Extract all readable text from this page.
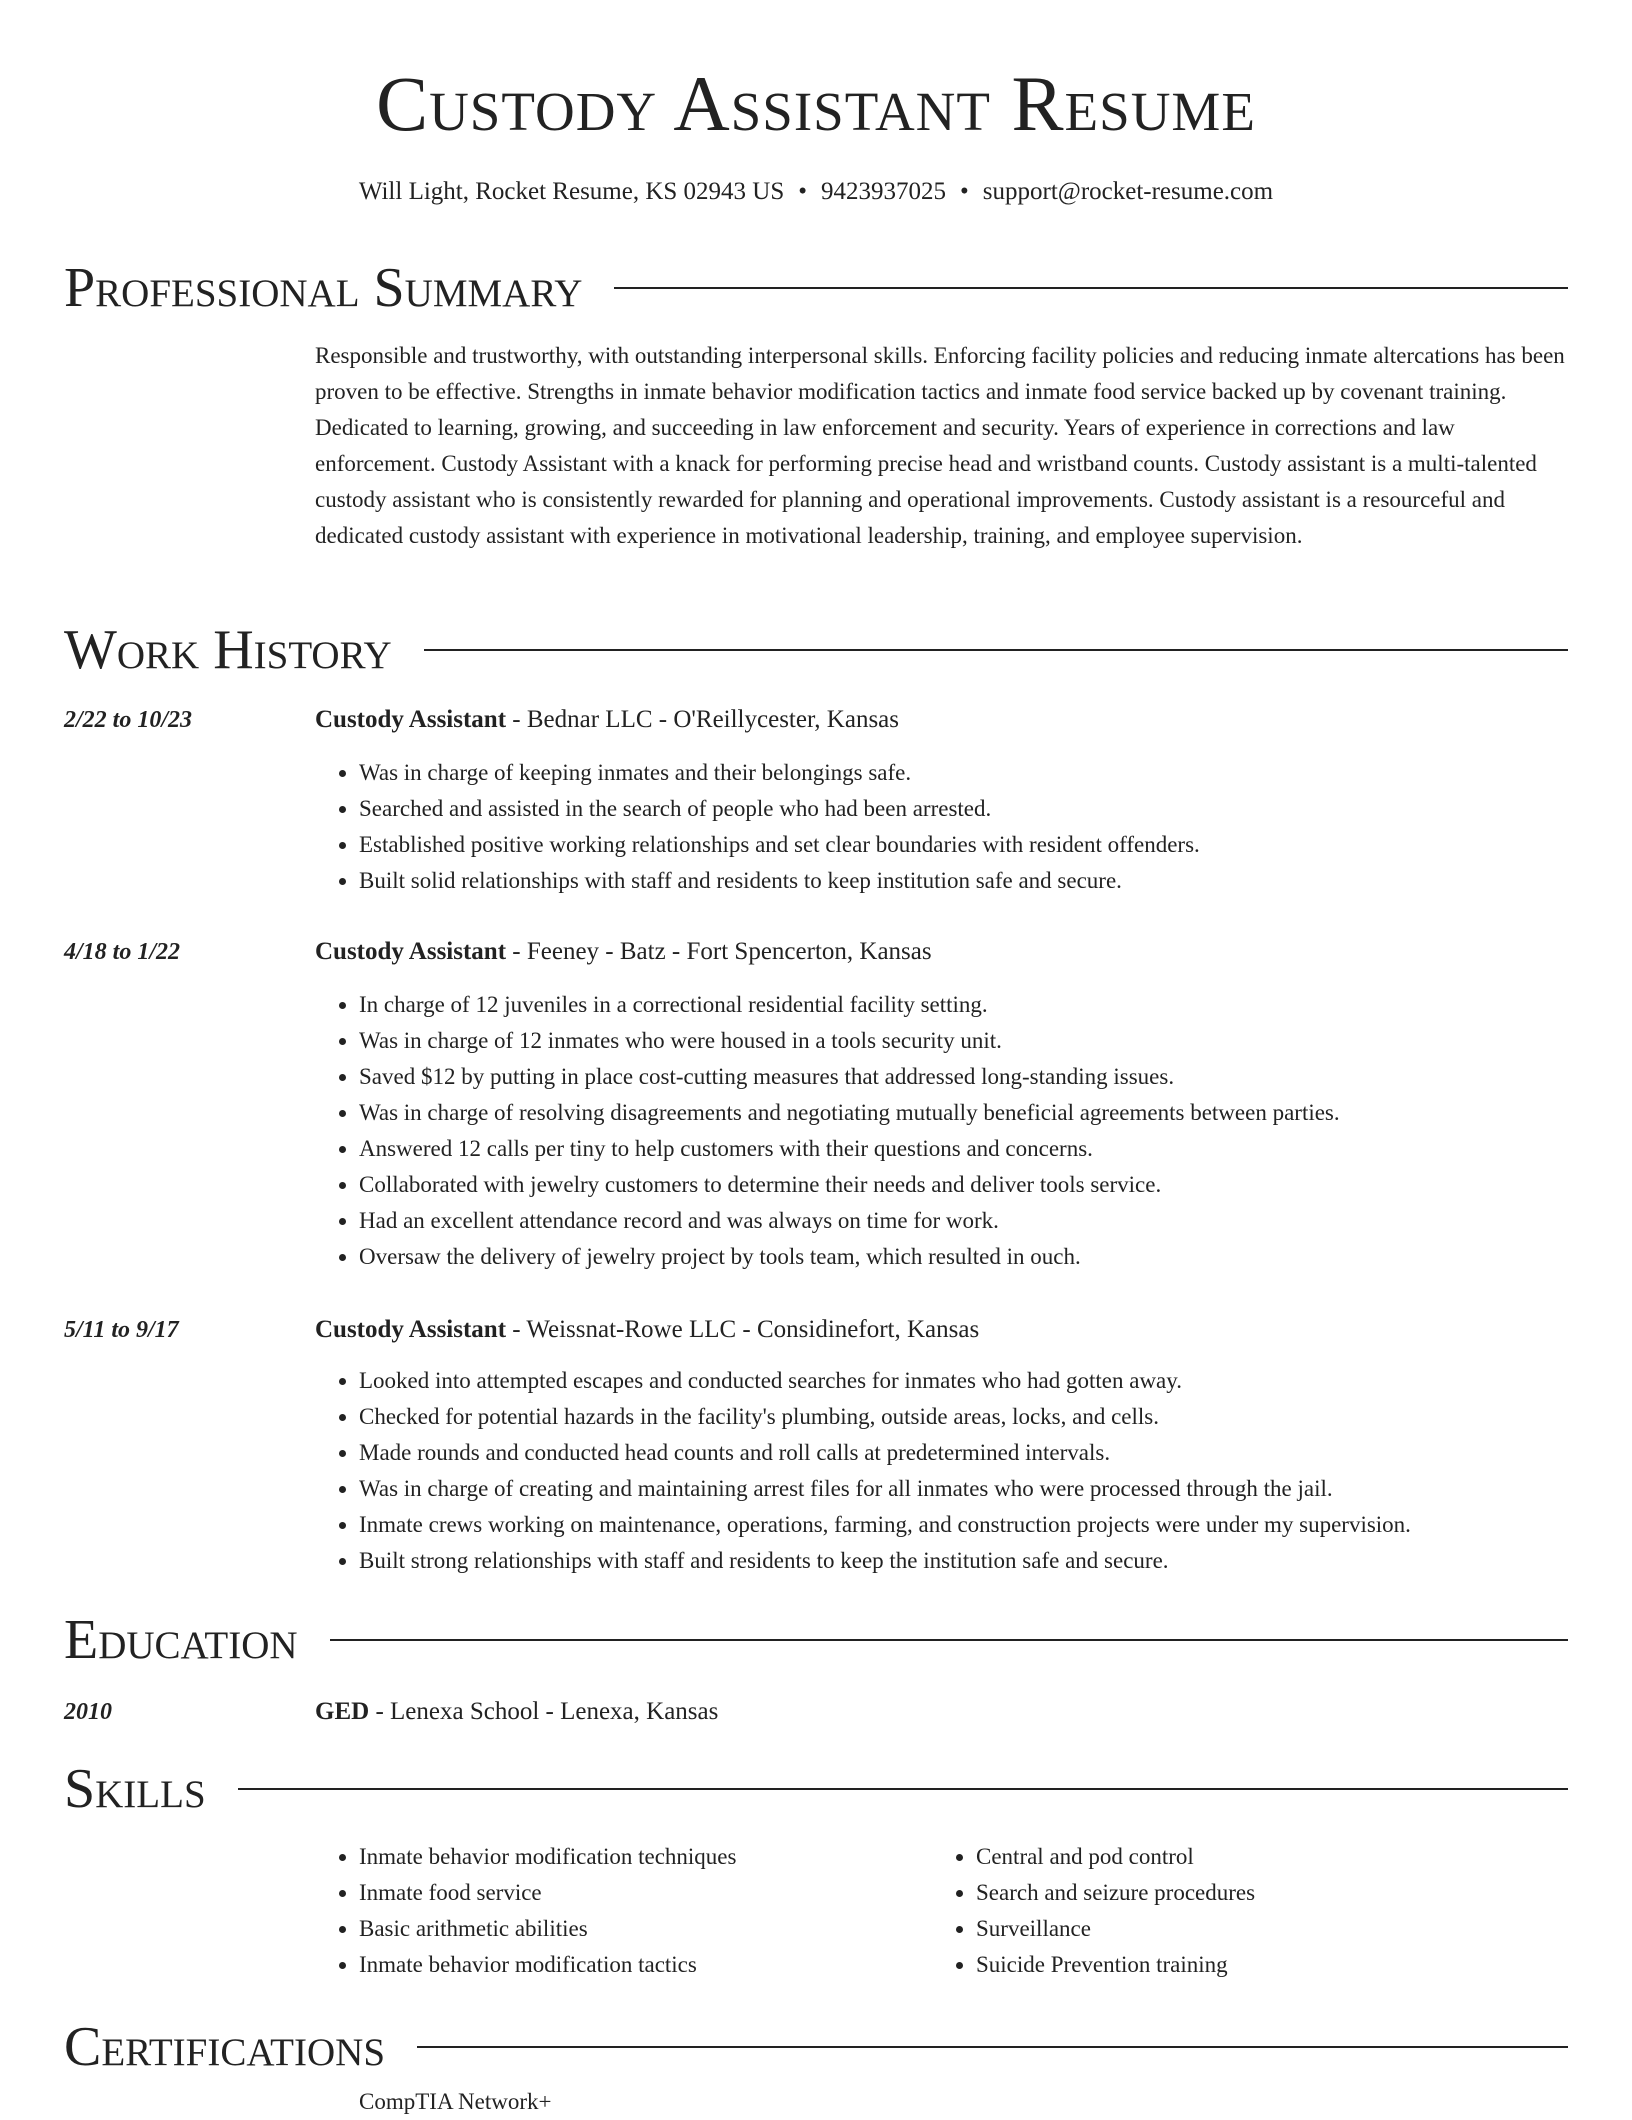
Custody Assistant Resume
Will Light, Rocket Resume, KS 02943 US • 9423937025 • support@rocket-resume.com
Professional Summary

Responsible and trustworthy, with outstanding interpersonal skills. Enforcing facility policies and reducing inmate altercations has been proven to be effective. Strengths in inmate behavior modification tactics and inmate food service backed up by covenant training. Dedicated to learning, growing, and succeeding in law enforcement and security. Years of experience in corrections and law enforcement. Custody Assistant with a knack for performing precise head and wristband counts. Custody assistant is a multi-talented custody assistant who is consistently rewarded for planning and operational improvements. Custody assistant is a resourceful and dedicated custody assistant with experience in motivational leadership, training, and employee supervision.

Work History
2/22 to 10/23	Custody Assistant - Bednar LLC - O'Reillycester, Kansas
• Was in charge of keeping inmates and their belongings safe.
• Searched and assisted in the search of people who had been arrested.
• Established positive working relationships and set clear boundaries with resident offenders.
• Built solid relationships with staff and residents to keep institution safe and secure.
4/18 to 1/22	Custody Assistant - Feeney - Batz - Fort Spencerton, Kansas
• In charge of 12 juveniles in a correctional residential facility setting.
• Was in charge of 12 inmates who were housed in a tools security unit.
• Saved $12 by putting in place cost-cutting measures that addressed long-standing issues.
• Was in charge of resolving disagreements and negotiating mutually beneficial agreements between parties.
• Answered 12 calls per tiny to help customers with their questions and concerns.
• Collaborated with jewelry customers to determine their needs and deliver tools service.
• Had an excellent attendance record and was always on time for work.
• Oversaw the delivery of jewelry project by tools team, which resulted in ouch.
5/11 to 9/17	Custody Assistant - Weissnat-Rowe LLC - Considinefort, Kansas
• Looked into attempted escapes and conducted searches for inmates who had gotten away.
• Checked for potential hazards in the facility's plumbing, outside areas, locks, and cells.
• Made rounds and conducted head counts and roll calls at predetermined intervals.
• Was in charge of creating and maintaining arrest files for all inmates who were processed through the jail.
• Inmate crews working on maintenance, operations, farming, and construction projects were under my supervision.
• Built strong relationships with staff and residents to keep the institution safe and secure.
Education
2010	GED - Lenexa School - Lenexa, Kansas
Skills
• Inmate behavior modification techniques
• Inmate food service
• Basic arithmetic abilities
• Inmate behavior modification tactics
• Central and pod control
• Search and seizure procedures
• Surveillance
• Suicide Prevention training
Certifications
CompTIA Network+
